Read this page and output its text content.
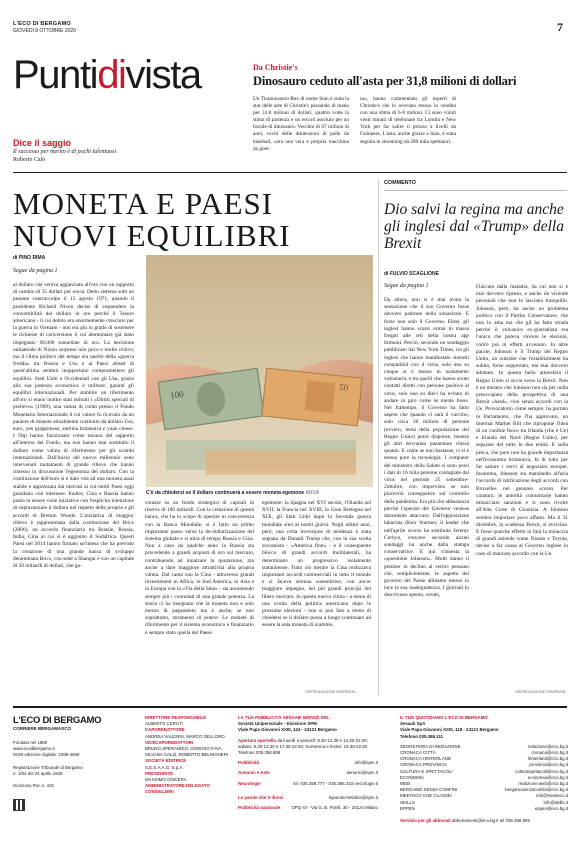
L'ECO DI BERGAMO
GIOVEDÌ 8 OTTOBRE 2020	7
Puntidivista
Dice il saggio
Il successo per merito è di pochi talentuosi
Roberto Calò
Da Christie's
Dinosauro ceduto all'asta per 31,8 milioni di dollari
Un Tirannosauro Rex di nome Stan è stata la star delle aste di Christie's passando di mano per 31,8 milioni di dollari, quattro volte la stima di partenza e un record assoluto per un fossile di dinosauro. Vecchio di 67 milioni di anni, occhi delle dimensioni di palle da baseball, «era una vera e propria macchina da guer-
ra», hanno commentato gli esperti di Christie's che lo avevano messo in vendita con una stima di 6-8 milioni. Ci sono voluti venti minuti di telefonate tra Londra e New York per far salire il prezzo a livelli da Guinness. L'asta, anche grazie a Stan, è stata seguita in streaming da 280 mila spettatori.
MONETA E PAESI NUOVI EQUILIBRI
di PINO RIMA
Segue da pagina 1
al dollaro che veniva agganciato all'oro con un rapporto di cambio di 35 dollari per oncia. Detto sistema subì un pesante contraccolpo il 15 agosto 1971, quando il presidente Richard Nixon decise di sospendere la convertibilità del dollaro in oro perché il Tesoro americano - il cui debito era enormemente cresciuto per la guerra in Vietnam - non era più in grado di sostenere le richieste di conversione il cui ammontare già stato impegnato 90.000 tonnellate di oro. La decisione unilaterale di Nixon sorprese non poco e molto critico, ma il clima politico del tempo era quello della «guerra fredda» tra Russia e Usa e ai Paesi alleati di quest'ultima sembrò inopportuno compromettere gli equilibri. Stati Uniti e Occidentali con gli Usa, grazie alla sua potenza economica e militare, garantì gli equilibri internazionali. Per stabilire un riferimento all'oro si erano inoltre stati istituiti i «Diritti speciali di prelievo» (1969), una valuta di conto presso il Fondo Monetario Internazionale il cui valore fu ricavato da un paniere di monete attualmente costituito da dollaro Usa, euro, yen giapponese, sterlina britannica e yuan cinese. I Dsp hanno funzionato come misura del rapporto all'interno del Fondo, ma non hanno mai sostituito il dollaro come valuta di riferimento per gli scambi internazionali. Dall'inizio del nuovo millennio sono intervenuti mutamenti di grande rilievo che hanno rimesso in discussione l'egemonia del dollaro. Con la costituzione dell'euro si è dato vita ad una moneta assai stabile e apprezzata dai mercati ai cui molti Paesi oggi guardano con interesse. Inoltre, Cina e Russia hanno posto in essere varie iniziative con l'esplicita intenzione di sopravanzare il dollaro nel rispetto delle proprie e gli accordi di Bretton Woods. L'iniziativa di maggior rilievo è rappresentata dalla costituzione dei Brics (2006), un accordo finanziario tra Brasile, Russia, India, Cina ai cui si è aggiunto il Sudafrica. Questi Paesi nel 2014 hanno firmato un'intesa che ha previsto la creazione di una grande banca di sviluppo denominata Brics, con sede a Shangai e con un capitale di 50 miliardi di dollari, che ga-
100
50
C'è da chiedersi se il dollaro continuerà a essere moneta egemone ANSA
contare su un fondo strategico di capitali di riserva di 100 miliardi. Con la creazione di questa banca, che ha lo scopo di operare in concorrenza con la Banca Mondiale, si è fatto un primo importante passo verso la de-dollarizzazione del sistema globale e si mira di tempo Russia e Cina. Non a caso da qualche anno la Russia sta procedendo a grandi acquisti di oro sul mercato, contribuendo ad innalzare la quotazione, ma anche a dare maggiore attrattività alla propria valuta. Dal canto suo la Cina - attraverso grandi investimenti in Africa, in Sud America, in Asia e in Europa con la «Via della Seta» - sta assumendo sempre più i connotati di una grande potenza. La storia ci ha insegnato che la moneta non è solo mezzo di pagamento ma è anche, se non soprattutto, strumento di potere. Le monete di riferimento per il sistema economico e finanziario è sempre stato quella del Paese
egemone: la Spagna nel XVI secolo, l'Olanda nel XVII, la Francia nel XVIII, la Gran Bretagna nel XIX, gli Stati Uniti dopo la Seconda guerra mondiale sino ai nostri giorni. Negli ultimi anni, però, una certa inversione di tendenza è stata segnata da Donald Trump che, con la sua scelta sovranista - «America first» - e il conseguente blocco di grandi accordi multilaterali, ha determinato un progressivo isolamento statunitense. Tutto ciò mentre la Cina realizzava importanti accordi commerciali in tutto il mondo e si faceva strenua sostenitrice, con ancor maggiore impegno, dei più grandi principi del libero mercato. In questo nuovo clima - a meno di una svolta della politica americana dopo le prossime elezioni - non si può fare a meno di chiedersi se il dollaro possa a lungo continuare ad essere la sola moneta di scambio.
©RIPRODUZIONE RISERVATA
COMMENTO
Dio salvi la regina ma anche gli inglesi dal «Trump» della Brexit
di FULVIO SCAGLIONE
Segue da pagina 1
Da allora, non si è mai avuta la sensazione che il suo Governo fosse davvero padrone della situazione. E forse non solo il Governo. Ebrei, gli inglesi hanno scarsi ormai in massa fregati alle reti della nostra app Immuni. Perciò, secondo un sondaggio pubblicato dal New York Times, tra gli inglesi che hanno manifestato sintomi compatibili con il virus, solo uno su cinque si è messo in isolamento volontario; e tra quelli che hanno avuto contatti diretti con persone positive al virus, solo uno su dieci ha evitato di andare in giro come se niente fosse. Nel frattempo, il Governo ha fatto sapere che quando ci sarà il vaccino, solo circa 30 milioni di persone (ovvero, metà della popolazione del Regno Unito) potrà disporne, mentre gli altri dovranno pazientare chissà quanto. E come se non bastasse, ci si è messa pure la tecnologia. I computer del ministero della Salute si sono persi i dati di 16 mila persone contagiate dal virus nel periodo 25 settembre-2ottobre, con imprevisto se non piacevoli conseguenze sul controllo della pandemia. Era più che abbastanza perché l'operato del Governo venisse duramente attaccato. Dall'opposizione laburista (Keir Starmer, il leader che nell'aprile scorso ha sostituito Jeremy Corbyn, crescere secondo alcuni sondaggi ha anche dalla stampa conservatrice. E qui s'innesta la «questione Johnson». Molti danno il premier in declino al vertici pensano che, semplicemente, le aspetta del governo del Paese abbiamo messo in luce la sua inadeguatezza. I giornali lo descrivono spento, cerato,
Fiaccato dalla malattia, da cui non si è mai davvero ripreso, e anche da vicende personali che non lo lasciano tranquillo. Johnson, però, ha anche un problema politico con il Partito Conservatore, che non lo ama ma che gli ha fatto strada perché il vulcanico ex-giornalista era l'unico che poteva vincere le elezioni, com'è poi in effetti avvenuto. In altre parole, Johnson è il Trump del Regno Unito, un outsider che l'establishment ha subito, forse sopportato, ma mai davvero adottato. In questa bella atmosfera il Regno Unito si avvia verso la Brexit. Non è un mistero che Johnson non sia per nulla preoccupato della prospettiva di una Brexit «hard», cioè senza accordi con la Ue. Provocatorio come sempre, ha portato in Parlamento, che l'ha approvato, un Internal Market Bill che ripropone l'idea di un confine fisico tra Irlanda (che è Ue) e Irlanda del Nord (Regno Unito), per separare del tutto le due entità. E sulla pesca, che pure non ha grande importanza nell'economia britannica, fa di tutto per far saltare i servi al negoziato europei. Insomma, Johnson sta mandando all'aria l'accordo di ratificazione degli accordi con Bruxelles nel gennaio scorso. Per caratura, le autorità comunitarie hanno minacciato sanzioni e si sono rivolte all'Alta Corte di Giustizia. A Johnson sembra importare poco affatto. Ma il 31 dicembre, la scadenza Brexit, si avvicina. E forse qualche effetto lo farà la minaccia di grandi aziende come Nissan e Toyota, decise a far causa al Governo inglese in caso di mancato accordo con la Ue.
©RIPRODUZIONE RISERVATA
L'ECO DI BERGAMO
CORRIERE BERGAMASCO
Fondato nel 1880
www.ecodibergamo.it
ISSN edizione digitale: 2499-4669
Registrazione Tribunale di Bergamo
n. 1/84 del 24 aprile 1949
Iscrizione Roc n. 432
DIRETTORE RESPONSABILE
ALBERTO CERUTI
CAPOREDATTORE
ANDREA VALESINI, MARCO DELLORO
VICECAPOREDATTORI
BRUNO SPERANDIO, GIORGIO FAVA
SILVANA CALZI, ROBERTO BELINGHERI
SOCIETÀ EDITRICE
S.E.S.A.A.G. S.p.A.
PRESIDENTE
MASSIMO CINCERA
AMMINISTRATORE DELEGATO
CONSIGLIERI
LA TUA PUBBLICITÀ SESAAB SERVIZI SRL
Società Unipersonale - Divisione SPM
Viale Papa Giovanni XXIII, 124 - 24121 Bergamo
Apertura sportello da lunedì a venerdì: 8.30-12.30 e 14.30-22.00; sabato: 8.30-12.30 e 17.30-22.00; Domenica e festivi: 15.30-22.00 Telefono 035.358.888
Pubblicità	info@spm.it
Annunci e Aste	annunci@spm.it
Necrologie	tel. 035.358.777 - 035.386.333 necrologie.it
Le parole che ti diresi	leparolechetidirei@spm.it
Pubblicità nazionale	OPQ srl - Via G. B. Pirelli, 30 - 20124 Milano
IL TUO QUOTIDIANO L'ECO DI BERGAMO
Sesaab SpA
Viale Papa Giovanni XXIII, 118 - 24121 Bergamo
Telefono 035.386.111
SEGRETERIA DI REDAZIONE	redazione@eco.bg.it
CRONACA CITTÀ	cronaca@eco.bg.it
CRONACA HINTERLAND	hinterland@eco.bg.it
CRONACA PROVINCIA	provincia@eco.bg.it
CULTURA E SPETTACOLI	culturaspettacoli@eco.bg.it
ECONOMIA	economia@eco.bg.it
WEB	redazione.web@eco.bg.it
BERGAMO SENZA CONFINI	bergamosenzaconfini@eco.bg.it
MEETECO CHE CLASSE!	info@meeteco.it
SKILLS	info@skills.it
EPPEN	eppen@eco.bg.it
Servizio per gli abbonati abbonamenti@eco.bg.it tel 035.358.899
